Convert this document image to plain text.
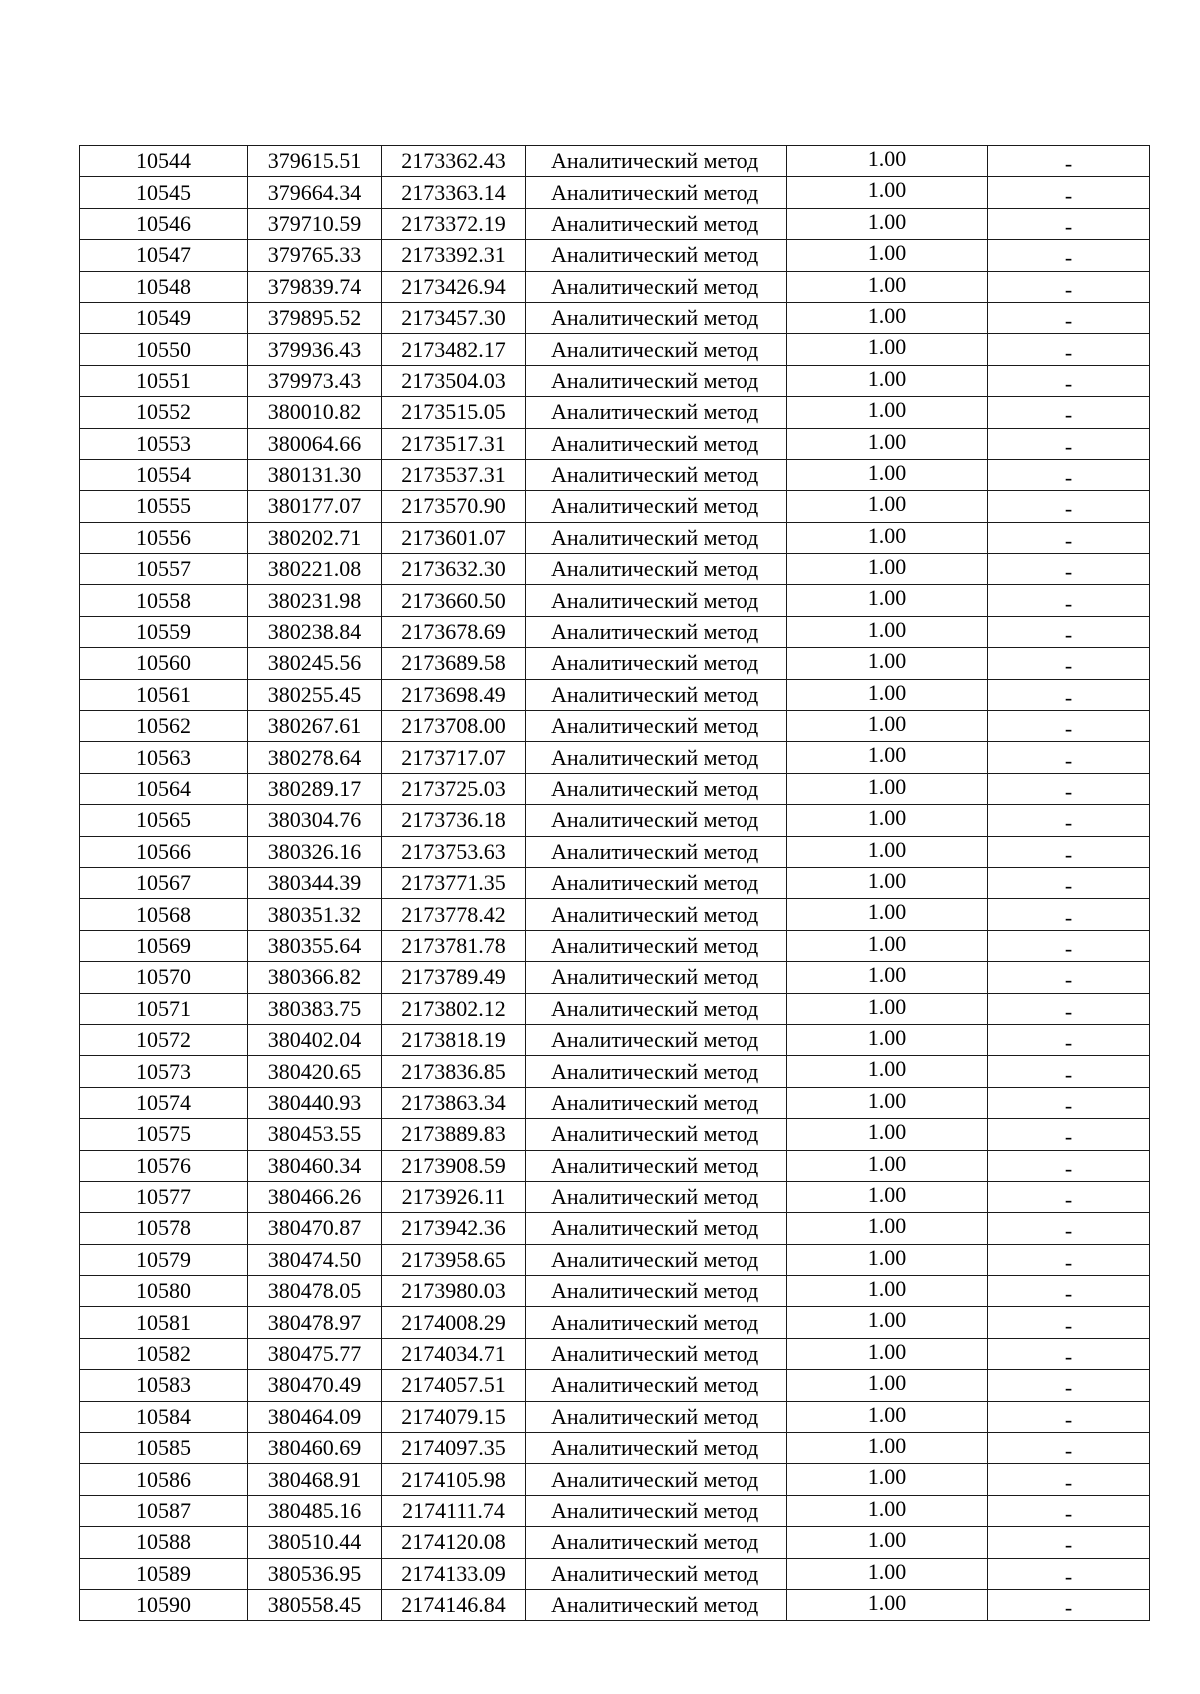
10544	379615.51	2173362.43	Аналитический метод	1.00	-
10545	379664.34	2173363.14	Аналитический метод	1.00	-
10546	379710.59	2173372.19	Аналитический метод	1.00	-
10547	379765.33	2173392.31	Аналитический метод	1.00	-
10548	379839.74	2173426.94	Аналитический метод	1.00	-
10549	379895.52	2173457.30	Аналитический метод	1.00	-
10550	379936.43	2173482.17	Аналитический метод	1.00	-
10551	379973.43	2173504.03	Аналитический метод	1.00	-
10552	380010.82	2173515.05	Аналитический метод	1.00	-
10553	380064.66	2173517.31	Аналитический метод	1.00	-
10554	380131.30	2173537.31	Аналитический метод	1.00	-
10555	380177.07	2173570.90	Аналитический метод	1.00	-
10556	380202.71	2173601.07	Аналитический метод	1.00	-
10557	380221.08	2173632.30	Аналитический метод	1.00	-
10558	380231.98	2173660.50	Аналитический метод	1.00	-
10559	380238.84	2173678.69	Аналитический метод	1.00	-
10560	380245.56	2173689.58	Аналитический метод	1.00	-
10561	380255.45	2173698.49	Аналитический метод	1.00	-
10562	380267.61	2173708.00	Аналитический метод	1.00	-
10563	380278.64	2173717.07	Аналитический метод	1.00	-
10564	380289.17	2173725.03	Аналитический метод	1.00	-
10565	380304.76	2173736.18	Аналитический метод	1.00	-
10566	380326.16	2173753.63	Аналитический метод	1.00	-
10567	380344.39	2173771.35	Аналитический метод	1.00	-
10568	380351.32	2173778.42	Аналитический метод	1.00	-
10569	380355.64	2173781.78	Аналитический метод	1.00	-
10570	380366.82	2173789.49	Аналитический метод	1.00	-
10571	380383.75	2173802.12	Аналитический метод	1.00	-
10572	380402.04	2173818.19	Аналитический метод	1.00	-
10573	380420.65	2173836.85	Аналитический метод	1.00	-
10574	380440.93	2173863.34	Аналитический метод	1.00	-
10575	380453.55	2173889.83	Аналитический метод	1.00	-
10576	380460.34	2173908.59	Аналитический метод	1.00	-
10577	380466.26	2173926.11	Аналитический метод	1.00	-
10578	380470.87	2173942.36	Аналитический метод	1.00	-
10579	380474.50	2173958.65	Аналитический метод	1.00	-
10580	380478.05	2173980.03	Аналитический метод	1.00	-
10581	380478.97	2174008.29	Аналитический метод	1.00	-
10582	380475.77	2174034.71	Аналитический метод	1.00	-
10583	380470.49	2174057.51	Аналитический метод	1.00	-
10584	380464.09	2174079.15	Аналитический метод	1.00	-
10585	380460.69	2174097.35	Аналитический метод	1.00	-
10586	380468.91	2174105.98	Аналитический метод	1.00	-
10587	380485.16	2174111.74	Аналитический метод	1.00	-
10588	380510.44	2174120.08	Аналитический метод	1.00	-
10589	380536.95	2174133.09	Аналитический метод	1.00	-
10590	380558.45	2174146.84	Аналитический метод	1.00	-
